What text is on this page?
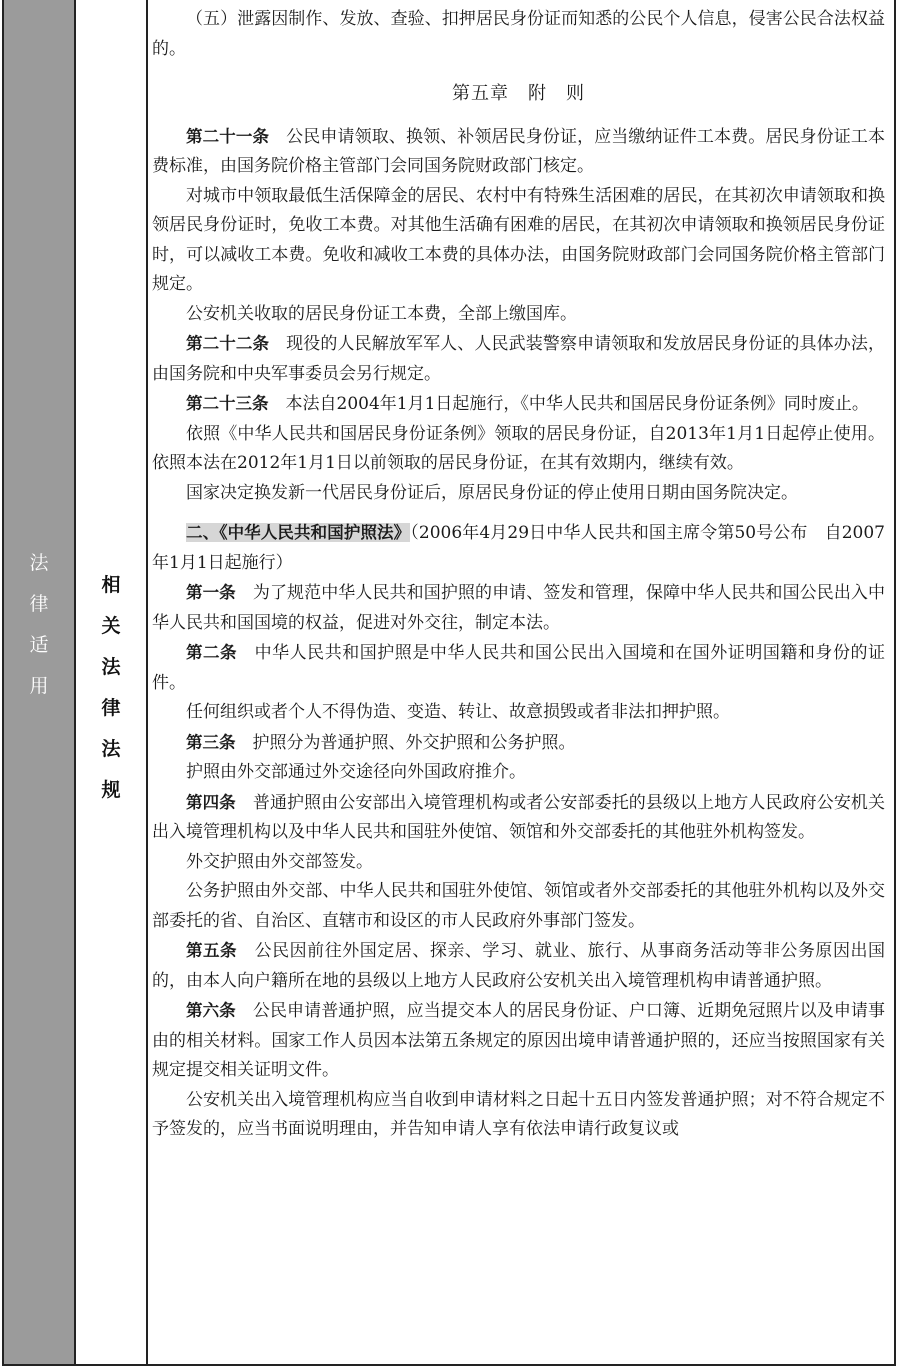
法
律
适
用
相
关
法
律
法
规

（五）泄露因制作、发放、查验、扣押居民身份证而知悉的公民个人信息，侵害公民合法权益的。

第五章　附　则

第二十一条　公民申请领取、换领、补领居民身份证，应当缴纳证件工本费。居民身份证工本费标准，由国务院价格主管部门会同国务院财政部门核定。

对城市中领取最低生活保障金的居民、农村中有特殊生活困难的居民，在其初次申请领取和换领居民身份证时，免收工本费。对其他生活确有困难的居民，在其初次申请领取和换领居民身份证时，可以减收工本费。免收和减收工本费的具体办法，由国务院财政部门会同国务院价格主管部门规定。

公安机关收取的居民身份证工本费，全部上缴国库。

第二十二条　现役的人民解放军军人、人民武装警察申请领取和发放居民身份证的具体办法，由国务院和中央军事委员会另行规定。

第二十三条　本法自2004年1月1日起施行，《中华人民共和国居民身份证条例》同时废止。

依照《中华人民共和国居民身份证条例》领取的居民身份证，自2013年1月1日起停止使用。依照本法在2012年1月1日以前领取的居民身份证，在其有效期内，继续有效。

国家决定换发新一代居民身份证后，原居民身份证的停止使用日期由国务院决定。

二、《中华人民共和国护照法》（2006年4月29日中华人民共和国主席令第50号公布　自2007年1月1日起施行）

第一条　为了规范中华人民共和国护照的申请、签发和管理，保障中华人民共和国公民出入中华人民共和国国境的权益，促进对外交往，制定本法。

第二条　中华人民共和国护照是中华人民共和国公民出入国境和在国外证明国籍和身份的证件。

任何组织或者个人不得伪造、变造、转让、故意损毁或者非法扣押护照。

第三条　护照分为普通护照、外交护照和公务护照。

护照由外交部通过外交途径向外国政府推介。

第四条　普通护照由公安部出入境管理机构或者公安部委托的县级以上地方人民政府公安机关出入境管理机构以及中华人民共和国驻外使馆、领馆和外交部委托的其他驻外机构签发。

外交护照由外交部签发。

公务护照由外交部、中华人民共和国驻外使馆、领馆或者外交部委托的其他驻外机构以及外交部委托的省、自治区、直辖市和设区的市人民政府外事部门签发。

第五条　公民因前往外国定居、探亲、学习、就业、旅行、从事商务活动等非公务原因出国的，由本人向户籍所在地的县级以上地方人民政府公安机关出入境管理机构申请普通护照。

第六条　公民申请普通护照，应当提交本人的居民身份证、户口簿、近期免冠照片以及申请事由的相关材料。国家工作人员因本法第五条规定的原因出境申请普通护照的，还应当按照国家有关规定提交相关证明文件。

公安机关出入境管理机构应当自收到申请材料之日起十五日内签发普通护照；对不符合规定不予签发的，应当书面说明理由，并告知申请人享有依法申请行政复议或
